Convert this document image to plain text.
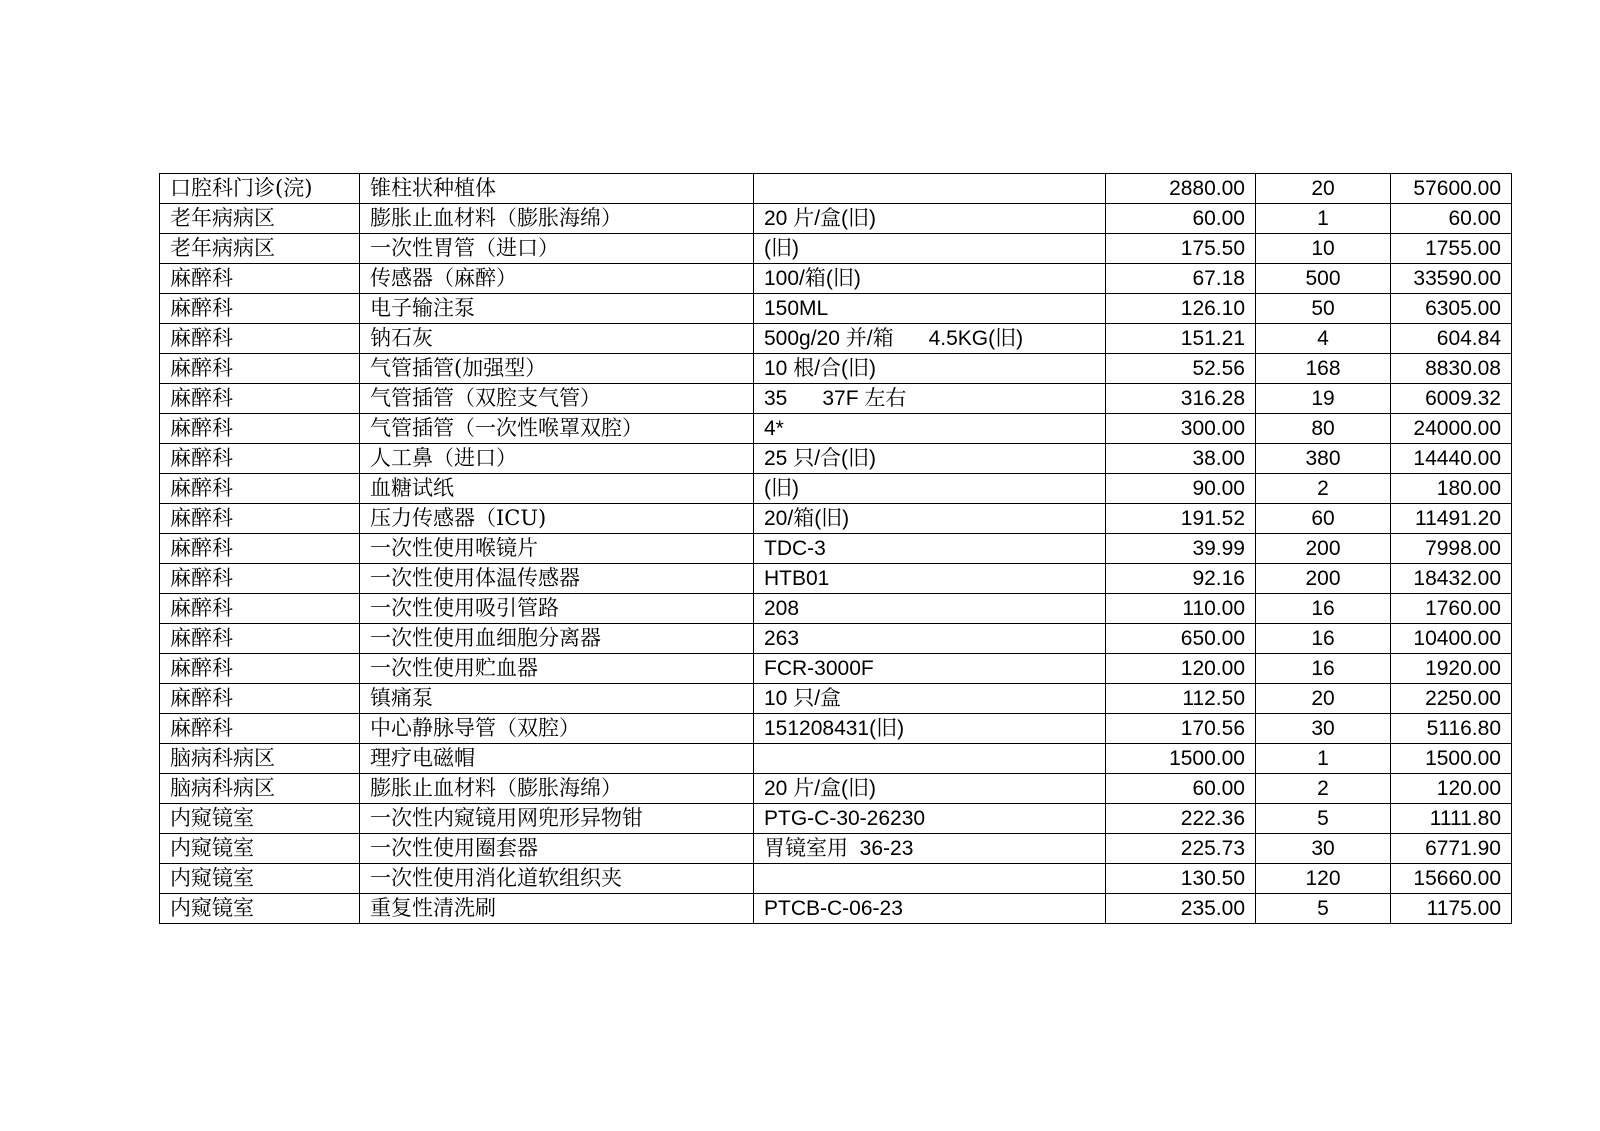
口腔科门诊(浣)	锥柱状种植体		2880.00	20	57600.00
老年病病区	膨胀止血材料（膨胀海绵）	20 片/盒(旧)	60.00	1	60.00
老年病病区	一次性胃管（进口）	(旧)	175.50	10	1755.00
麻醉科	传感器（麻醉）	100/箱(旧)	67.18	500	33590.00
麻醉科	电子输注泵	150ML	126.10	50	6305.00
麻醉科	钠石灰	500g/20 并/箱      4.5KG(旧)	151.21	4	604.84
麻醉科	气管插管(加强型）	10 根/合(旧)	52.56	168	8830.08
麻醉科	气管插管（双腔支气管）	35      37F 左右	316.28	19	6009.32
麻醉科	气管插管（一次性喉罩双腔）	4*	300.00	80	24000.00
麻醉科	人工鼻（进口）	25 只/合(旧)	38.00	380	14440.00
麻醉科	血糖试纸	(旧)	90.00	2	180.00
麻醉科	压力传感器（ICU)	20/箱(旧)	191.52	60	11491.20
麻醉科	一次性使用喉镜片	TDC-3	39.99	200	7998.00
麻醉科	一次性使用体温传感器	HTB01	92.16	200	18432.00
麻醉科	一次性使用吸引管路	208	110.00	16	1760.00
麻醉科	一次性使用血细胞分离器	263	650.00	16	10400.00
麻醉科	一次性使用贮血器	FCR-3000F	120.00	16	1920.00
麻醉科	镇痛泵	10 只/盒	112.50	20	2250.00
麻醉科	中心静脉导管（双腔）	151208431(旧)	170.56	30	5116.80
脑病科病区	理疗电磁帽		1500.00	1	1500.00
脑病科病区	膨胀止血材料（膨胀海绵）	20 片/盒(旧)	60.00	2	120.00
内窥镜室	一次性内窥镜用网兜形异物钳	PTG-C-30-26230	222.36	5	1111.80
内窥镜室	一次性使用圈套器	胃镜室用  36-23	225.73	30	6771.90
内窥镜室	一次性使用消化道软组织夹		130.50	120	15660.00
内窥镜室	重复性清洗刷	PTCB-C-06-23	235.00	5	1175.00
